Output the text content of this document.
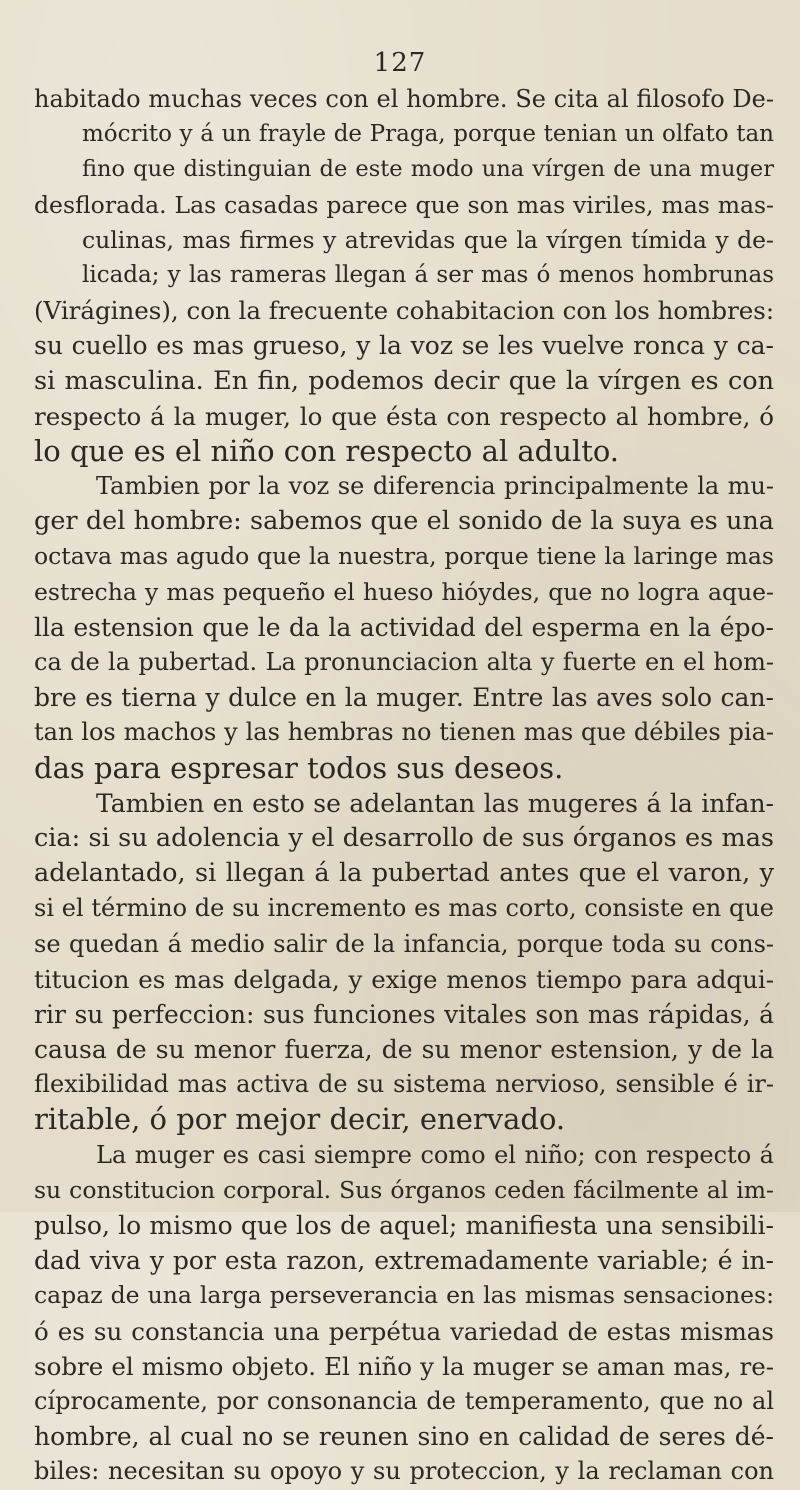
127
habitado muchas veces con el hombre. Se cita al filosofo De-
mócrito y á un frayle de Praga, porque tenian un olfato tan
fino que distinguian de este modo una vírgen de una muger
desflorada. Las casadas parece que son mas viriles, mas mas-
culinas, mas firmes y atrevidas que la vírgen tímida y de-
licada; y las rameras llegan á ser mas ó menos hombrunas
(Virágines), con la frecuente cohabitacion con los hombres:
su cuello es mas grueso, y la voz se les vuelve ronca y ca-
si masculina. En fin, podemos decir que la vírgen es con
respecto á la muger, lo que ésta con respecto al hombre, ó
lo que es el niño con respecto al adulto.
Tambien por la voz se diferencia principalmente la mu-
ger del hombre: sabemos que el sonido de la suya es una
octava mas agudo que la nuestra, porque tiene la laringe mas
estrecha y mas pequeño el hueso hióydes, que no logra aque-
lla estension que le da la actividad del esperma en la épo-
ca de la pubertad. La pronunciacion alta y fuerte en el hom-
bre es tierna y dulce en la muger. Entre las aves solo can-
tan los machos y las hembras no tienen mas que débiles pia-
das para espresar todos sus deseos.
Tambien en esto se adelantan las mugeres á la infan-
cia: si su adolencia y el desarrollo de sus órganos es mas
adelantado, si llegan á la pubertad antes que el varon, y
si el término de su incremento es mas corto, consiste en que
se quedan á medio salir de la infancia, porque toda su cons-
titucion es mas delgada, y exige menos tiempo para adqui-
rir su perfeccion: sus funciones vitales son mas rápidas, á
causa de su menor fuerza, de su menor estension, y de la
flexibilidad mas activa de su sistema nervioso, sensible é ir-
ritable, ó por mejor decir, enervado.
La muger es casi siempre como el niño; con respecto á
su constitucion corporal. Sus órganos ceden fácilmente al im-
pulso, lo mismo que los de aquel; manifiesta una sensibili-
dad viva y por esta razon, extremadamente variable; é in-
capaz de una larga perseverancia en las mismas sensaciones:
ó es su constancia una perpétua variedad de estas mismas
sobre el mismo objeto. El niño y la muger se aman mas, re-
cíprocamente, por consonancia de temperamento, que no al
hombre, al cual no se reunen sino en calidad de seres dé-
biles: necesitan su opoyo y su proteccion, y la reclaman con
